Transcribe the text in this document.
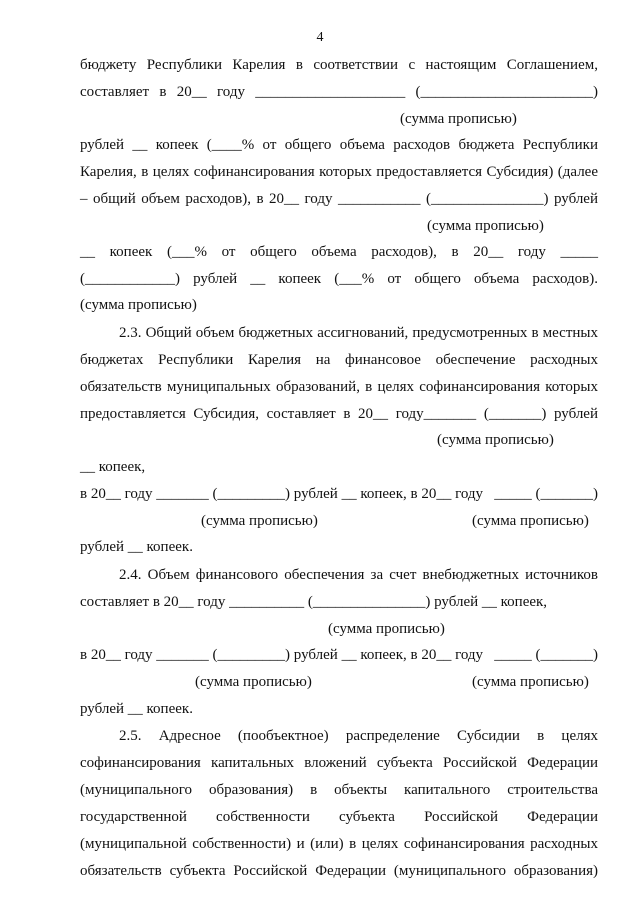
4
бюджету Республики Карелия в соответствии с настоящим Соглашением,
составляет в 20__ году ____________________ (_______________________)
(сумма прописью)
рублей __ копеек (____% от общего объема расходов бюджета Республики
Карелия, в целях софинансирования которых предоставляется Субсидия) (далее
– общий объем расходов), в 20__ году ___________ (_______________) рублей
(сумма прописью)
__ копеек (___% от общего объема расходов), в 20__ году _____
(____________) рублей __ копеек (___% от общего объема расходов).
(сумма прописью)
2.3. Общий объем бюджетных ассигнований, предусмотренных в местных
бюджетах Республики Карелия на финансовое обеспечение расходных
обязательств муниципальных образований, в целях софинансирования которых
предоставляется Субсидия, составляет в 20__ году_______ (_______) рублей
(сумма прописью)
__ копеек,
в 20__ году _______ (_________) рублей __ копеек, в 20__ году _____ (_______)
(сумма прописью)	(сумма прописью)
рублей __ копеек.
2.4. Объем финансового обеспечения за счет внебюджетных источников
составляет в 20__ году __________ (_______________) рублей __ копеек,
(сумма прописью)
в 20__ году _______ (_________) рублей __ копеек, в 20__ году _____ (_______)
(сумма прописью)	(сумма прописью)
рублей __ копеек.
2.5. Адресное (пообъектное) распределение Субсидии в целях
софинансирования капитальных вложений субъекта Российской Федерации
(муниципального образования) в объекты капитального строительства
государственной собственности субъекта Российской Федерации
(муниципальной собственности) и (или) в целях софинансирования расходных
обязательств субъекта Российской Федерации (муниципального образования)
